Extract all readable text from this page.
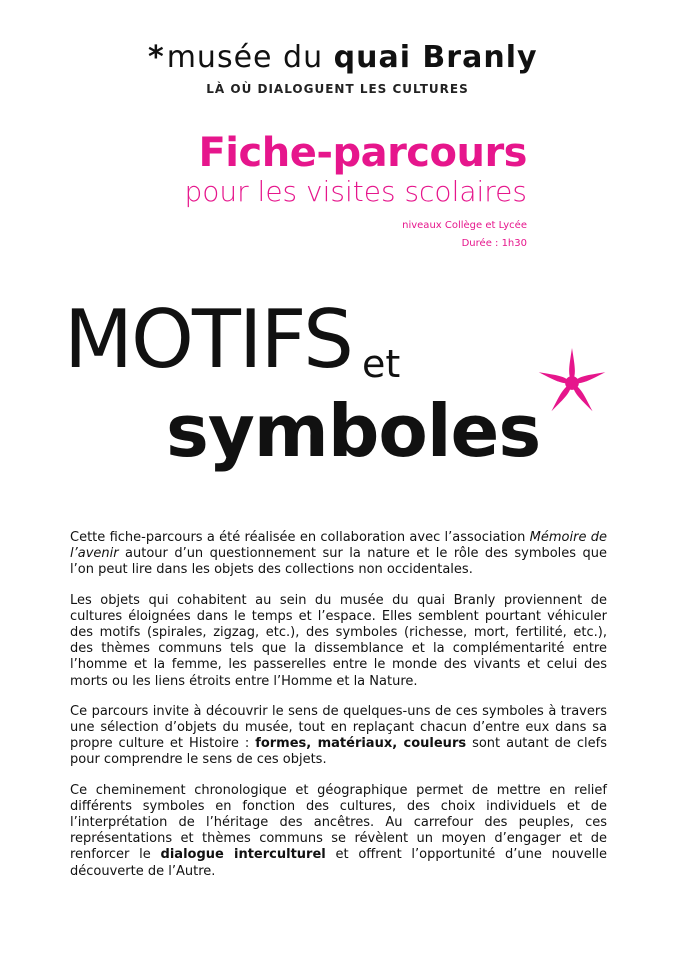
*musée du quai Branly
LÀ OÙ DIALOGUENT LES CULTURES
Fiche-parcours
pour les visites scolaires
niveaux Collège et Lycée
Durée : 1h30
MOTIFS et
symboles

Cette fiche-parcours a été réalisée en collaboration avec l’association Mémoire de l’avenir autour d’un questionnement sur la nature et le rôle des symboles que l’on peut lire dans les objets des collections non occidentales.

Les objets qui cohabitent au sein du musée du quai Branly proviennent de cultures éloignées dans le temps et l’espace. Elles semblent pourtant véhiculer des motifs (spirales, zigzag, etc.), des symboles (richesse, mort, fertilité, etc.), des thèmes communs tels que la dissemblance et la complémentarité entre l’homme et la femme, les passerelles entre le monde des vivants et celui des morts ou les liens étroits entre l’Homme et la Nature.

Ce parcours invite à découvrir le sens de quelques-uns de ces symboles à travers une sélection d’objets du musée, tout en replaçant chacun d’entre eux dans sa propre culture et Histoire : formes, matériaux, couleurs sont autant de clefs pour comprendre le sens de ces objets.

Ce cheminement chronologique et géographique permet de mettre en relief différents symboles en fonction des cultures, des choix individuels et de l’interprétation de l’héritage des ancêtres. Au carrefour des peuples, ces représentations et thèmes communs se révèlent un moyen d’engager et de renforcer le dialogue interculturel et offrent l’opportunité d’une nouvelle découverte de l’Autre.
